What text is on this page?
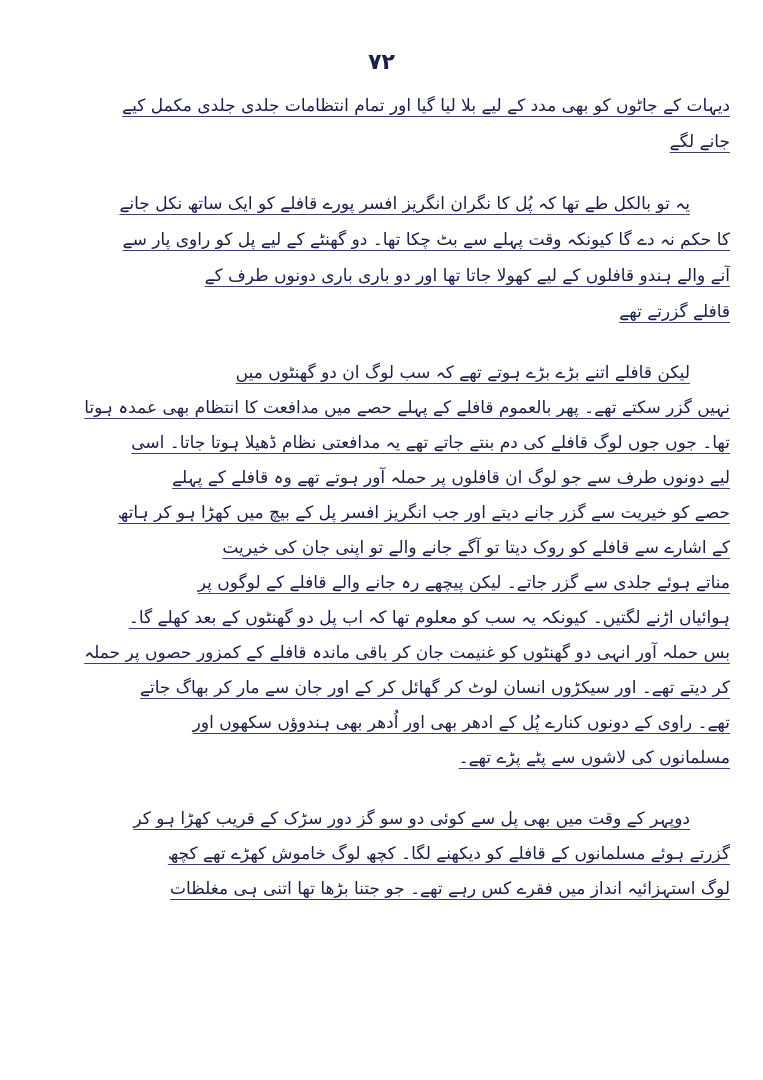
۷۲
دیہات کے جاٹوں کو بھی مدد کے لیے بلا لیا گیا اور تمام انتظامات جلدی جلدی مکمل کیے
جانے لگے
یہ تو بالکل طے تھا کہ پُل کا نگران انگریز افسر پورے قافلے کو ایک ساتھ نکل جانے
کا حکم نہ دے گا کیونکہ وقت پہلے سے بٹ چکا تھا۔ دو گھنٹے کے لیے پل کو راوی پار سے
آنے والے ہندو قافلوں کے لیے کھولا جاتا تھا اور دو باری باری دونوں طرف کے
قافلے گزرتے تھے
لیکن قافلے اتنے بڑے بڑے ہوتے تھے کہ سب لوگ ان دو گھنٹوں میں
نہیں گزر سکتے تھے۔ پھر بالعموم قافلے کے پہلے حصے میں مدافعت کا انتظام بھی عمدہ ہوتا
تھا۔ جوں جوں لوگ قافلے کی دم بنتے جاتے تھے یہ مدافعتی نظام ڈھیلا ہوتا جاتا۔ اسی
لیے دونوں طرف سے جو لوگ ان قافلوں پر حملہ آور ہوتے تھے وہ قافلے کے پہلے
حصے کو خیریت سے گزر جانے دیتے اور جب انگریز افسر پل کے بیچ میں کھڑا ہو کر ہاتھ
کے اشارے سے قافلے کو روک دیتا تو آگے جانے والے تو اپنی جان کی خیریت
مناتے ہوئے جلدی سے گزر جاتے۔ لیکن پیچھے رہ جانے والے قافلے کے لوگوں پر
ہوائیاں اڑنے لگتیں۔ کیونکہ یہ سب کو معلوم تھا کہ اب پل دو گھنٹوں کے بعد کھلے گا۔
بس حملہ آور انہی دو گھنٹوں کو غنیمت جان کر باقی ماندہ قافلے کے کمزور حصوں پر حملہ
کر دیتے تھے۔ اور سیکڑوں انسان لوٹ کر گھائل کر کے اور جان سے مار کر بھاگ جاتے
تھے۔ راوی کے دونوں کنارے پُل کے ادھر بھی اور اُدھر بھی ہندوؤں سکھوں اور
مسلمانوں کی لاشوں سے پٹے پڑے تھے۔
دوپہر کے وقت میں بھی پل سے کوئی دو سو گز دور سڑک کے قریب کھڑا ہو کر
گزرتے ہوئے مسلمانوں کے قافلے کو دیکھنے لگا۔ کچھ لوگ خاموش کھڑے تھے کچھ
لوگ استہزائیہ انداز میں فقرے کس رہے تھے۔ جو جتنا بڑھا تھا اتنی ہی مغلظات
